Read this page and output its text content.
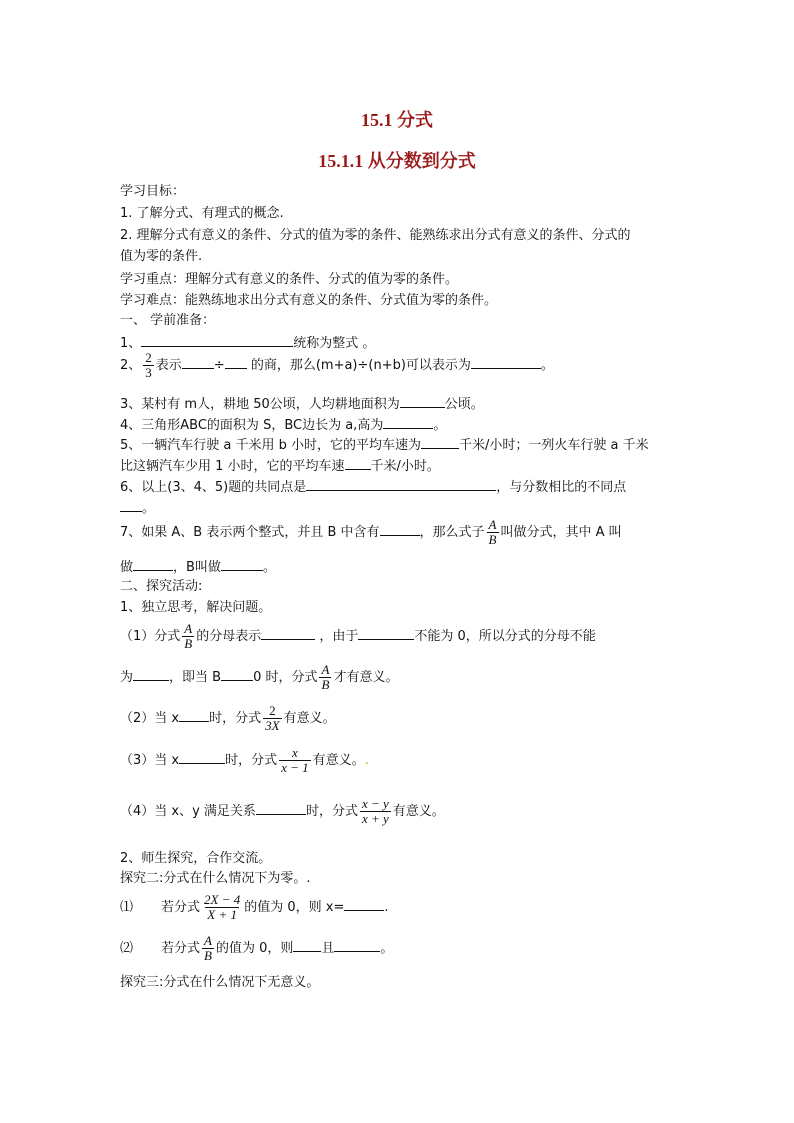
15.1 分式
15.1.1 从分数到分式
学习目标：
1. 了解分式、有理式的概念.
2. 理解分式有意义的条件、分式的值为零的条件、能熟练求出分式有意义的条件、分式的
值为零的条件.
学习重点：理解分式有意义的条件、分式的值为零的条件。
学习难点：能熟练地求出分式有意义的条件、分式值为零的条件。
一、 学前准备：
1、	统称为整式 。
2、 $\frac{2}{3}$ 表示 ÷ 的商，那么(m+a)÷(n+b)可以表示为	。
3、某村有 m人，耕地 50公顷，人均耕地面积为	公顷。
4、三角形ABC的面积为 S，BC边长为 a,高为	。
5、一辆汽车行驶 a 千米用 b 小时，它的平均车速为	千米/小时；一列火车行驶 a 千米
比这辆汽车少用 1 小时，它的平均车速 千米/小时。
6、以上(3、4、5)题的共同点是	，与分数相比的不同点
。
7、如果 A、B 表示两个整式，并且 B 中含有	，那么式子 $\frac{A}{B}$ 叫做分式，其中 A 叫
做	，B叫做	。
二、探究活动:
1、独立思考，解决问题。
（1）分式 $\frac{A}{B}$ 的分母表示	，由于	不能为 0，所以分式的分母不能
为	，即当 B 0 时，分式 $\frac{A}{B}$ 才有意义。
（2）当 x 时，分式 $\frac{2}{3X}$ 有意义。
（3）当 x	时，分式 $\frac{x}{x - 1}$ 有意义。.
（4）当 x、y 满足关系	时，分式 $\frac{x - y}{x + y}$ 有意义。
2、师生探究，合作交流。
探究二:分式在什么情况下为零。.
⑴ 若分式 $\frac{2X - 4}{X + 1}$ 的值为 0，则 x=	.
⑵ 若分式 $\frac{A}{B}$ 的值为 0，则 且	。
探究三:分式在什么情况下无意义。
